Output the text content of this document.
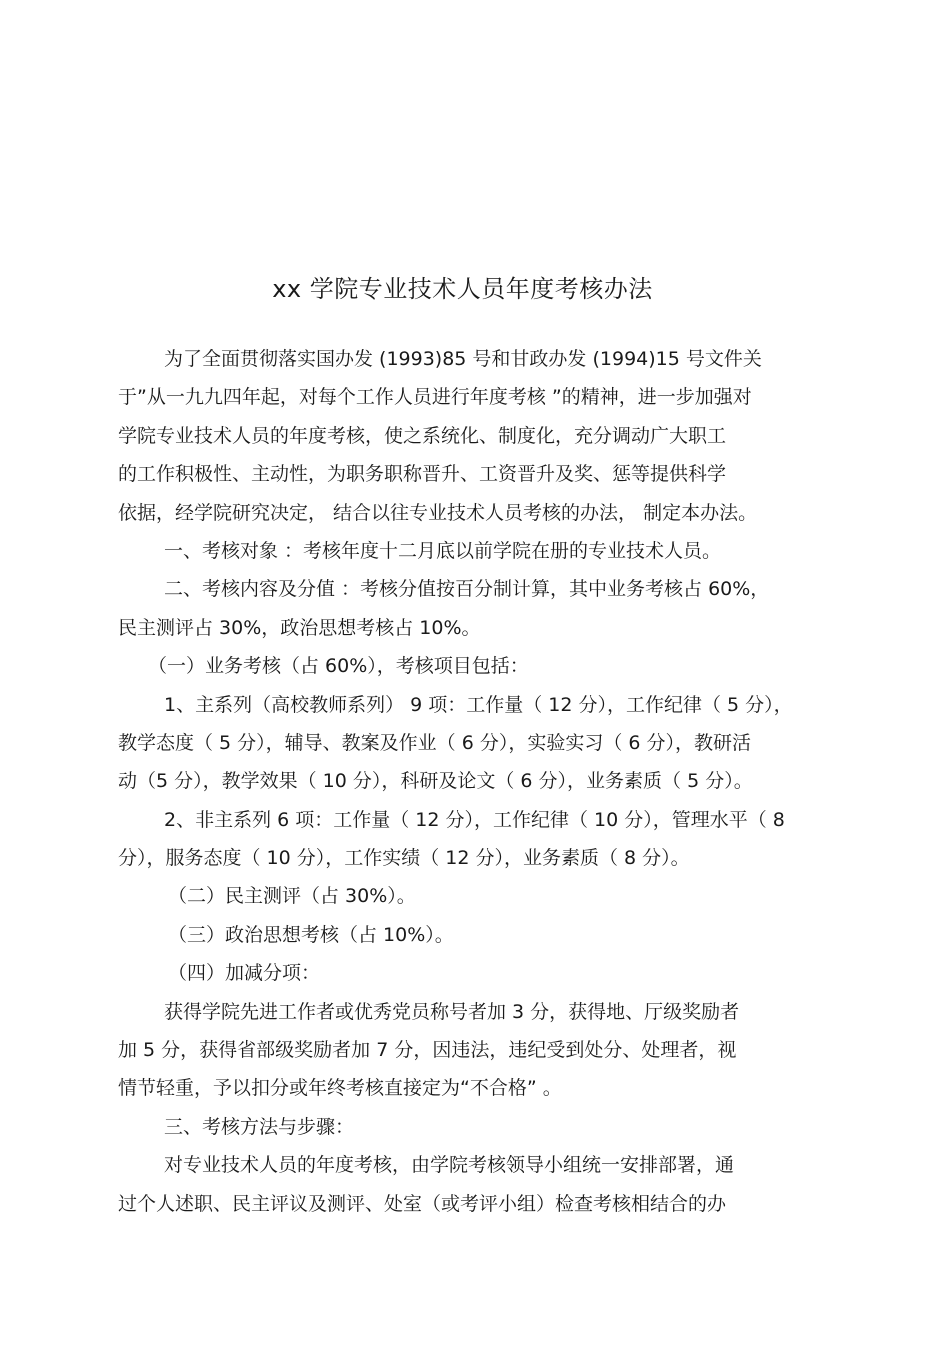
xx 学院专业技术人员年度考核办法
为了全面贯彻落实国办发 (1993)85 号和甘政办发 (1994)15 号文件关
于”从一九九四年起，对每个工作人员进行年度考核 ”的精神，进一步加强对
学院专业技术人员的年度考核，使之系统化、制度化，充分调动广大职工
的工作积极性、主动性，为职务职称晋升、工资晋升及奖、惩等提供科学
依据，经学院研究决定， 结合以往专业技术人员考核的办法， 制定本办法。
一、考核对象 ：考核年度十二月底以前学院在册的专业技术人员。
二、考核内容及分值 ：考核分值按百分制计算，其中业务考核占 60%，
民主测评占 30%，政治思想考核占 10%。
（一）业务考核（占 60%），考核项目包括：
1、主系列（高校教师系列） 9 项：工作量（ 12 分），工作纪律（ 5 分），
教学态度（ 5 分），辅导、教案及作业（ 6 分），实验实习（ 6 分），教研活
动（5 分），教学效果（ 10 分），科研及论文（ 6 分），业务素质（ 5 分）。
2、非主系列 6 项：工作量（ 12 分），工作纪律（ 10 分），管理水平（ 8
分），服务态度（ 10 分），工作实绩（ 12 分），业务素质（ 8 分）。
（二）民主测评（占 30%）。
（三）政治思想考核（占 10%）。
（四）加减分项：
获得学院先进工作者或优秀党员称号者加 3 分，获得地、厅级奖励者
加 5 分，获得省部级奖励者加 7 分，因违法，违纪受到处分、处理者，视
情节轻重，予以扣分或年终考核直接定为“不合格” 。
三、考核方法与步骤：
对专业技术人员的年度考核，由学院考核领导小组统一安排部署，通
过个人述职、民主评议及测评、处室（或考评小组）检查考核相结合的办
